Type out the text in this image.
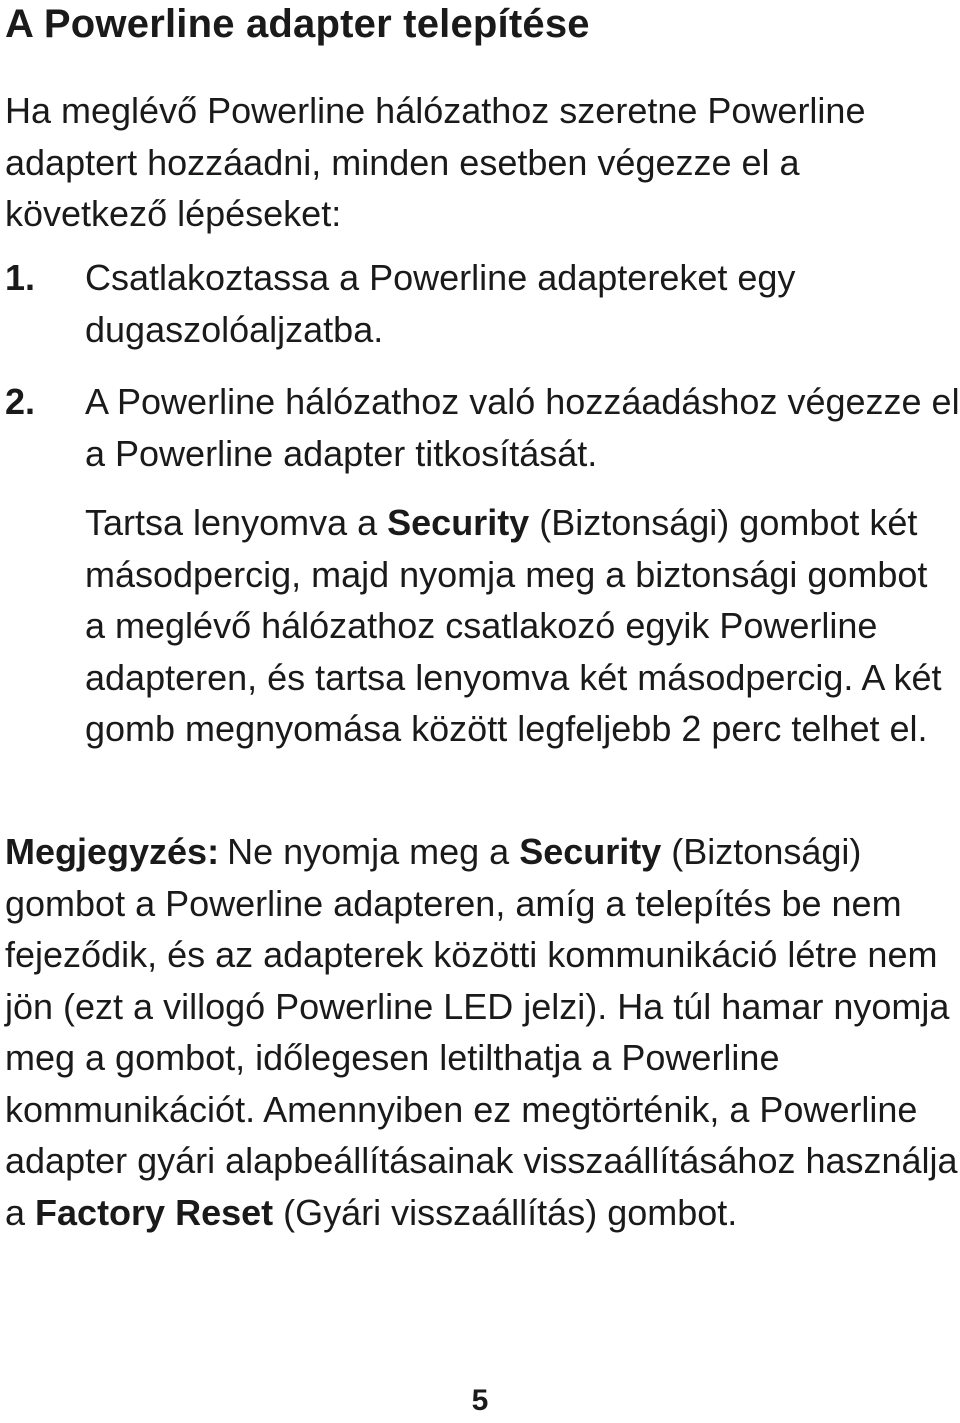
A Powerline adapter telepítése

Ha meglévő Powerline hálózathoz szeretne Powerline adaptert hozzáadni, minden esetben végezze el a következő lépéseket:

1. Csatlakoztassa a Powerline adaptereket egy dugaszolóaljzatba.
2. A Powerline hálózathoz való hozzáadáshoz végezze el a Powerline adapter titkosítását.

Tartsa lenyomva a Security (Biztonsági) gombot két másodpercig, majd nyomja meg a biztonsági gombot a meglévő hálózathoz csatlakozó egyik Powerline adapteren, és tartsa lenyomva két másodpercig. A két gomb megnyomása között legfeljebb 2 perc telhet el.

Megjegyzés: Ne nyomja meg a Security (Biztonsági) gombot a Powerline adapteren, amíg a telepítés be nem fejeződik, és az adapterek közötti kommunikáció létre nem jön (ezt a villogó Powerline LED jelzi). Ha túl hamar nyomja meg a gombot, időlegesen letilthatja a Powerline kommunikációt. Amennyiben ez megtörténik, a Powerline adapter gyári alapbeállításainak visszaállításához használja a Factory Reset (Gyári visszaállítás) gombot.

5
